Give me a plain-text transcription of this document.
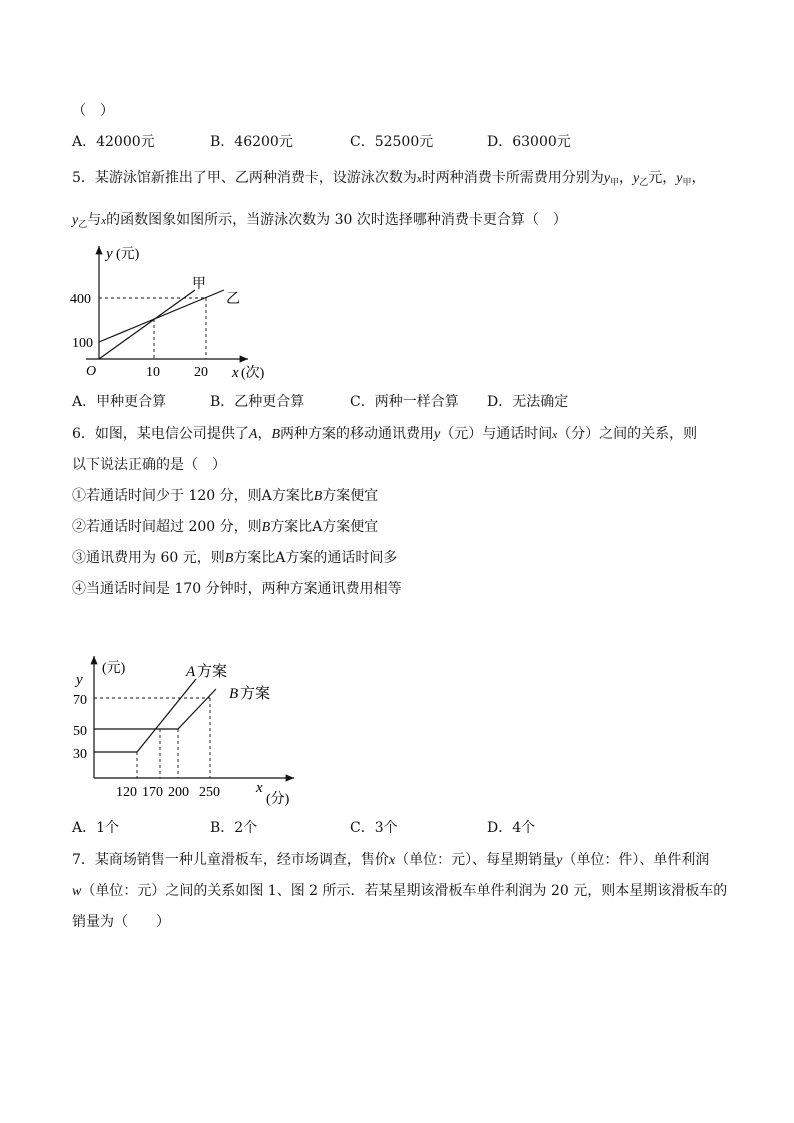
（　）
A．42000元	B．46200元	C．52500元	D．63000元
5．某游泳馆新推出了甲、乙两种消费卡，设游泳次数为x时两种消费卡所需费用分别为$y_甲$，$y_乙$元，$y_甲$，
$y_乙$与x的函数图象如图所示，当游泳次数为 30 次时选择哪种消费卡更合算（　）
y (元)
400
100
O	10 20 x (次)
甲
乙
A．甲种更合算	B．乙种更合算	C．两种一样合算 D．无法确定
6．如图，某电信公司提供了A，B两种方案的移动通讯费用y（元）与通话时间x（分）之间的关系，则
以下说法正确的是（　）
①若通话时间少于 120 分，则A方案比B方案便宜
②若通话时间超过 200 分，则B方案比A方案便宜
③通讯费用为 60 元，则B方案比A方案的通话时间多
④当通话时间是 170 分钟时，两种方案通讯费用相等
y
(元)
70
50
30
120 170 200 250 x
(分)
A 方案
B 方案
A．1个	B．2个	C．3个	D．4个
7．某商场销售一种儿童滑板车，经市场调查，售价x（单位：元）、每星期销量y（单位：件）、单件利润
w（单位：元）之间的关系如图 1、图 2 所示．若某星期该滑板车单件利润为 20 元，则本星期该滑板车的
销量为（　　）
